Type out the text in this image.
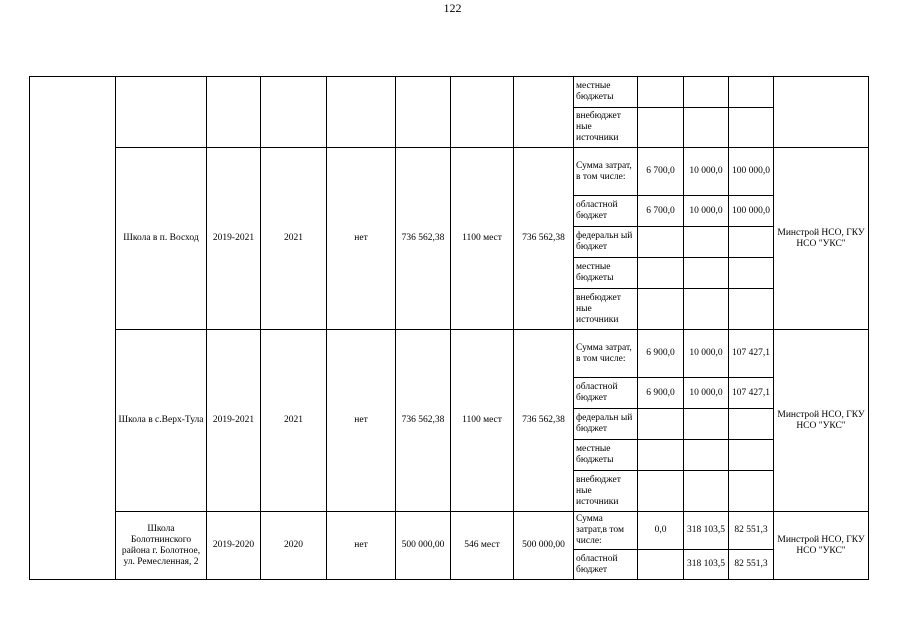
122
								местные бюджеты				
								внебюджет ные источники				
	Школа в п. Восход	2019-2021	2021	нет	736 562,38	1100 мест	736 562,38	Сумма затрат, в том числе:	6 700,0	10 000,0	100 000,0	Минстрой НСО, ГКУ НСО "УКС"
								областной бюджет	6 700,0	10 000,0	100 000,0	
								федеральн ый бюджет				
								местные бюджеты				
								внебюджет ные источники				
	Школа в с.Верх-Тула	2019-2021	2021	нет	736 562,38	1100 мест	736 562,38	Сумма затрат, в том числе:	6 900,0	10 000,0	107 427,1	Минстрой НСО, ГКУ НСО "УКС"
								областной бюджет	6 900,0	10 000,0	107 427,1	
								федеральн ый бюджет				
								местные бюджеты				
								внебюджет ные источники				
	Школа Болотнинского района г. Болотное, ул. Ремесленная, 2	2019-2020	2020	нет	500 000,00	546 мест	500 000,00	Сумма затрат,в том числе:	0,0	318 103,5	82 551,3	Минстрой НСО, ГКУ НСО "УКС"
								областной бюджет		318 103,5	82 551,3	
